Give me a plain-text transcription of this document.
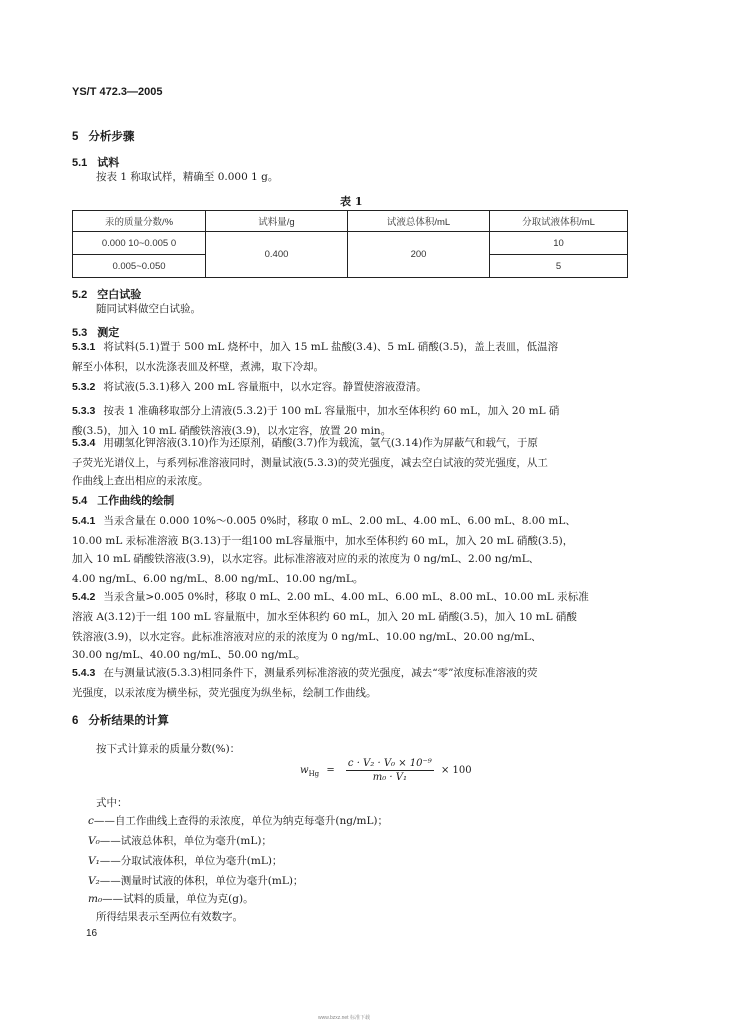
YS/T 472.3—2005
5 分析步骤
5.1 试料
按表 1 称取试样，精确至 0.000 1 g。
表 1
汞的质量分数/%	试料量/g	试液总体积/mL	分取试液体积/mL
0.000 10~0.005 0	0.400	200	10
0.005~0.050			5
5.2 空白试验
随同试料做空白试验。
5.3 测定
5.3.1 将试料(5.1)置于 500 mL 烧杯中，加入 15 mL 盐酸(3.4)、5 mL 硝酸(3.5)，盖上表皿，低温溶
解至小体积，以水洗涤表皿及杯壁，煮沸，取下冷却。
5.3.2 将试液(5.3.1)移入 200 mL 容量瓶中，以水定容。静置使溶液澄清。
5.3.3 按表 1 准确移取部分上清液(5.3.2)于 100 mL 容量瓶中，加水至体积约 60 mL，加入 20 mL 硝
酸(3.5)，加入 10 mL 硝酸铁溶液(3.9)，以水定容，放置 20 min。
5.3.4 用硼氢化钾溶液(3.10)作为还原剂，硝酸(3.7)作为载流，氩气(3.14)作为屏蔽气和载气，于原
子荧光光谱仪上，与系列标准溶液同时，测量试液(5.3.3)的荧光强度，减去空白试液的荧光强度，从工
作曲线上查出相应的汞浓度。
5.4 工作曲线的绘制
5.4.1 当汞含量在 0.000 10%～0.005 0%时，移取 0 mL、2.00 mL、4.00 mL、6.00 mL、8.00 mL、
10.00 mL 汞标准溶液 B(3.13)于一组100 mL容量瓶中，加水至体积约 60 mL，加入 20 mL 硝酸(3.5)，
加入 10 mL 硝酸铁溶液(3.9)，以水定容。此标准溶液对应的汞的浓度为 0 ng/mL、2.00 ng/mL、
4.00 ng/mL、6.00 ng/mL、8.00 ng/mL、10.00 ng/mL。
5.4.2 当汞含量>0.005 0%时，移取 0 mL、2.00 mL、4.00 mL、6.00 mL、8.00 mL、10.00 mL 汞标准
溶液 A(3.12)于一组 100 mL 容量瓶中，加水至体积约 60 mL，加入 20 mL 硝酸(3.5)，加入 10 mL 硝酸
铁溶液(3.9)，以水定容。此标准溶液对应的汞的浓度为 0 ng/mL、10.00 ng/mL、20.00 ng/mL、
30.00 ng/mL、40.00 ng/mL、50.00 ng/mL。
5.4.3 在与测量试液(5.3.3)相同条件下，测量系列标准溶液的荧光强度，减去“零”浓度标准溶液的荧
光强度，以汞浓度为横坐标，荧光强度为纵坐标，绘制工作曲线。
6 分析结果的计算
按下式计算汞的质量分数(%)：
$w_{Hg} = \frac{\text{c · V₂ · V₀ × 10⁻⁹}}{\text{m₀ · V₁}} \times 100$
式中：
c——自工作曲线上查得的汞浓度，单位为纳克每毫升(ng/mL)；
V₀——试液总体积，单位为毫升(mL)；
V₁——分取试液体积，单位为毫升(mL)；
V₂——测量时试液的体积，单位为毫升(mL)；
m₀——试料的质量，单位为克(g)。
所得结果表示至两位有效数字。
16
www.bzxz.net 标准下载
